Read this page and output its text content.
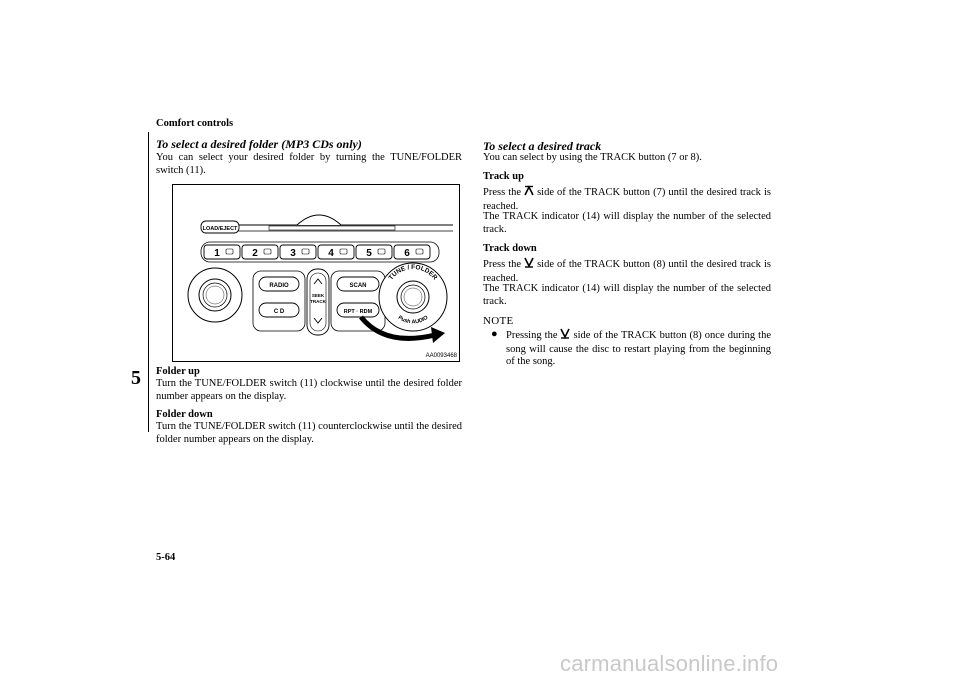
Comfort controls
5
To select a desired folder (MP3 CDs only)
You can select your desired folder by turning the TUNE/FOLDER switch (11).
LOAD/EJECT
1	2	3	4	5	6
RADIO
C D
SEEK
TRACK
SCAN
RPT · RDM
TUNE / FOLDER
Push AUDIO
AA0093468
Folder up
Turn the TUNE/FOLDER switch (11) clockwise until the desired folder number appears on the display.
Folder down
Turn the TUNE/FOLDER switch (11) counterclockwise until the desired folder number appears on the display.
To select a desired track
You can select by using the TRACK button (7 or 8).
Track up
Press the side of the TRACK button (7) until the desired track is reached.
The TRACK indicator (14) will display the number of the selected track.
Track down
Press the side of the TRACK button (8) until the desired track is reached.
The TRACK indicator (14) will display the number of the selected track.
NOTE
● Pressing the side of the TRACK button (8) once during the song will cause the disc to restart playing from the beginning of the song.
5-64
carmanualsonline.info
